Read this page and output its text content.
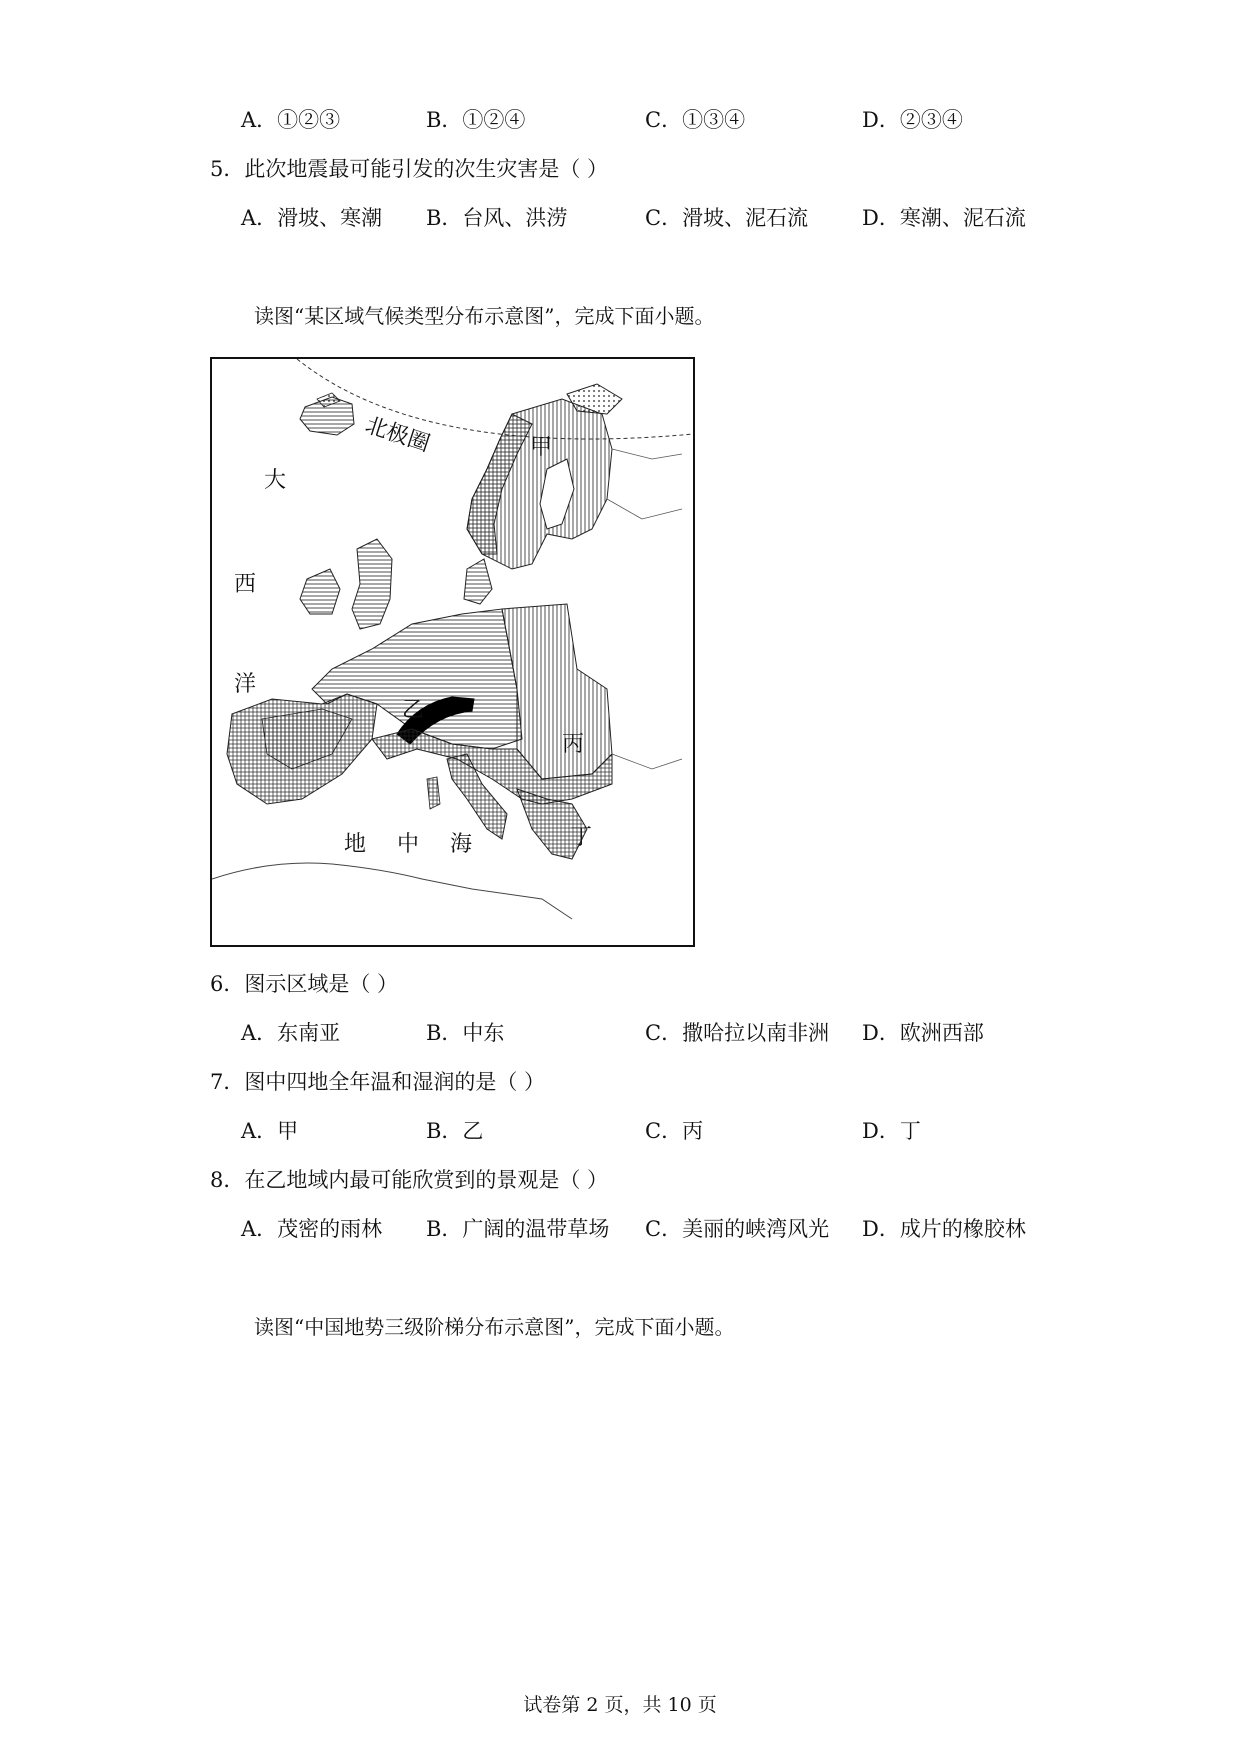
A．①②③	B．①②④	C．①③④	D．②③④
5．此次地震最可能引发的次生灾害是（ ）
A．滑坡、寒潮 B．台风、洪涝	C．滑坡、泥石流	D．寒潮、泥石流
读图“某区域气候类型分布示意图”，完成下面小题。
北极圈	甲
乙
丙
丁
大
西
洋
地 中 海
6．图示区域是（ ）
A．东南亚	B．中东	C．撒哈拉以南非洲 D．欧洲西部
7．图中四地全年温和湿润的是（ ）
A．甲	B．乙	C．丙	D．丁
8．在乙地域内最可能欣赏到的景观是（ ）
A．茂密的雨林 B．广阔的温带草场 C．美丽的峡湾风光 D．成片的橡胶林
读图“中国地势三级阶梯分布示意图”，完成下面小题。
试卷第 2 页，共 10 页
